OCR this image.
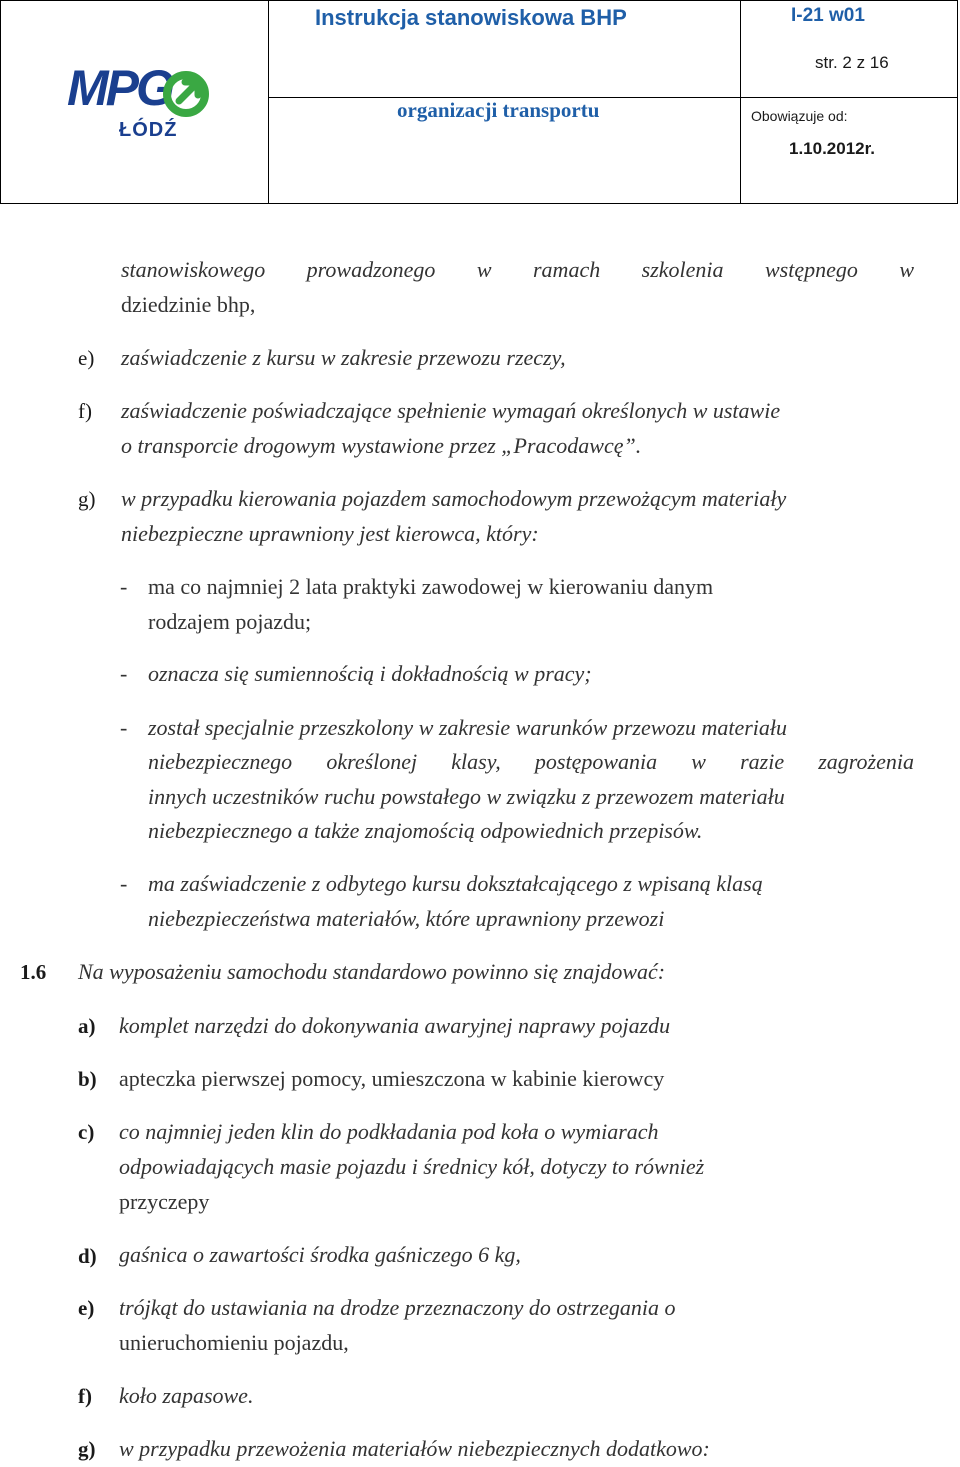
MPG
ŁÓDŹ
Instrukcja stanowiskowa BHP	I-21 w01
str. 2 z 16
organizacji transportu	Obowiązuje od:
1.10.2012r.
stanowiskowego prowadzonego w ramach szkolenia wstępnego w
dziedzinie bhp,
e) zaświadczenie z kursu w zakresie przewozu rzeczy,
f) zaświadczenie poświadczające spełnienie wymagań określonych w ustawie
o transporcie drogowym wystawione przez „Pracodawcę”.
g) w przypadku kierowania pojazdem samochodowym przewożącym materiały
niebezpieczne uprawniony jest kierowca, który:
- ma co najmniej 2 lata praktyki zawodowej w kierowaniu danym
rodzajem pojazdu;
- oznacza się sumiennością i dokładnością w pracy;
- został specjalnie przeszkolony w zakresie warunków przewozu materiału
niebezpiecznego określonej klasy, postępowania w razie zagrożenia
innych uczestników ruchu powstałego w związku z przewozem materiału
niebezpiecznego a także znajomością odpowiednich przepisów.
- ma zaświadczenie z odbytego kursu dokształcającego z wpisaną klasą
niebezpieczeństwa materiałów, które uprawniony przewozi
1.6 Na wyposażeniu samochodu standardowo powinno się znajdować:
a) komplet narzędzi do dokonywania awaryjnej naprawy pojazdu
b) apteczka pierwszej pomocy, umieszczona w kabinie kierowcy
c) co najmniej jeden klin do podkładania pod koła o wymiarach
odpowiadających masie pojazdu i średnicy kół, dotyczy to również
przyczepy
d) gaśnica o zawartości środka gaśniczego 6 kg,
e) trójkąt do ustawiania na drodze przeznaczony do ostrzegania o
unieruchomieniu pojazdu,
f) koło zapasowe.
g) w przypadku przewożenia materiałów niebezpiecznych dodatkowo:
